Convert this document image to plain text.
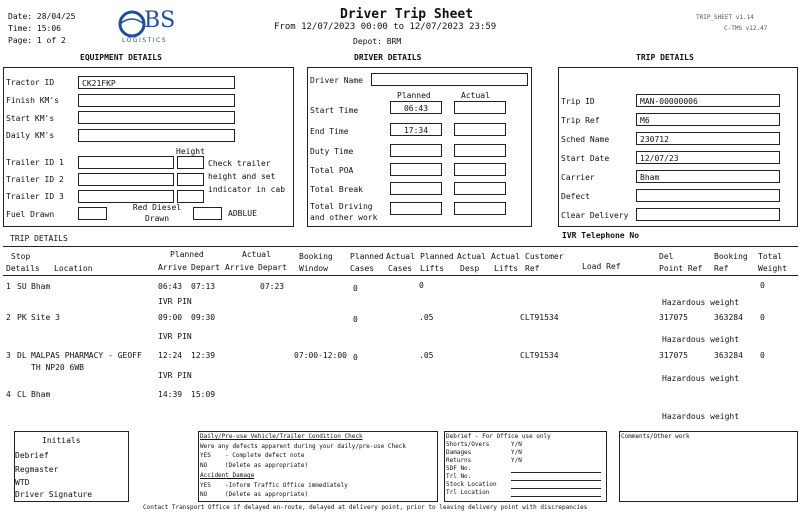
Date: 28/04/25
Time: 15:06
Page: 1 of 2
BS
LOGISTICS
Driver Trip Sheet
From 12/07/2023 00:00 to 12/07/2023 23:59
Depot: BRM
TRIP_SHEET v1.14
C-TMS v12.47
EQUIPMENT DETAILS
Tractor ID	CK21FKP
Finish KM's
Start KM's
Daily KM's
Height
Trailer ID 1
Trailer ID 2
Trailer ID 3
Check trailer height and set indicator in cab
Fuel Drawn
Red Diesel Drawn
ADBLUE
DRIVER DETAILS
Driver Name
Planned	Actual
Start Time	06:43
End Time	17:34
Duty Time
Total POA
Total Break
Total Driving and other work
TRIP DETAILS
Trip ID	MAN-00000006
Trip Ref	M6
Sched Name	230712
Start Date	12/07/23
Carrier	Bham
Defect
Clear Delivery
IVR Telephone No
TRIP DETAILS
Stop
Details Location
Planned
Arrive Depart
Actual
Arrive Depart
Booking
Window
Planned
Cases
Actual
Cases
Planned
Lifts
Actual
Desp
Actual
Lifts
Customer
Ref	Load Ref
Del
Point Ref
Booking
Ref
Total
Weight
1 SU Bham	06:43 07:13	07:23	0	0	0
IVR PIN	Hazardous weight
2 PK Site 3	09:00 09:30	0	.05	CLT91534	317075	363284 0
IVR PIN	Hazardous weight
3 DL MALPAS PHARMACY - GEOFF
TH NP20 6WB
12:24 12:39	07:00-12:00 0	.05	CLT91534	317075	363284 0
IVR PIN	Hazardous weight
4 CL Bham	14:39 15:09
Hazardous weight
Initials
Debrief
Regmaster
WTD
Driver Signature
Daily/Pre-use Vehicle/Trailer Condition Check
Were any defects apparent during your daily/pre-use Check
YES - Complete defect note
NO	(Delete as appropriate)
Accident Damage
YES -Inform Traffic Office immediately
NO	(Delete as appropriate)
Debrief - For Office use only
Shorts/Overs	Y/N
Damages	Y/N
Returns	Y/N
SDF No.
Trl No.
Stock Location
Trl Location
Comments/Other work
Contact Transport Office if delayed en-route, delayed at delivery point, prior to leaving delivery point with discrepancies
